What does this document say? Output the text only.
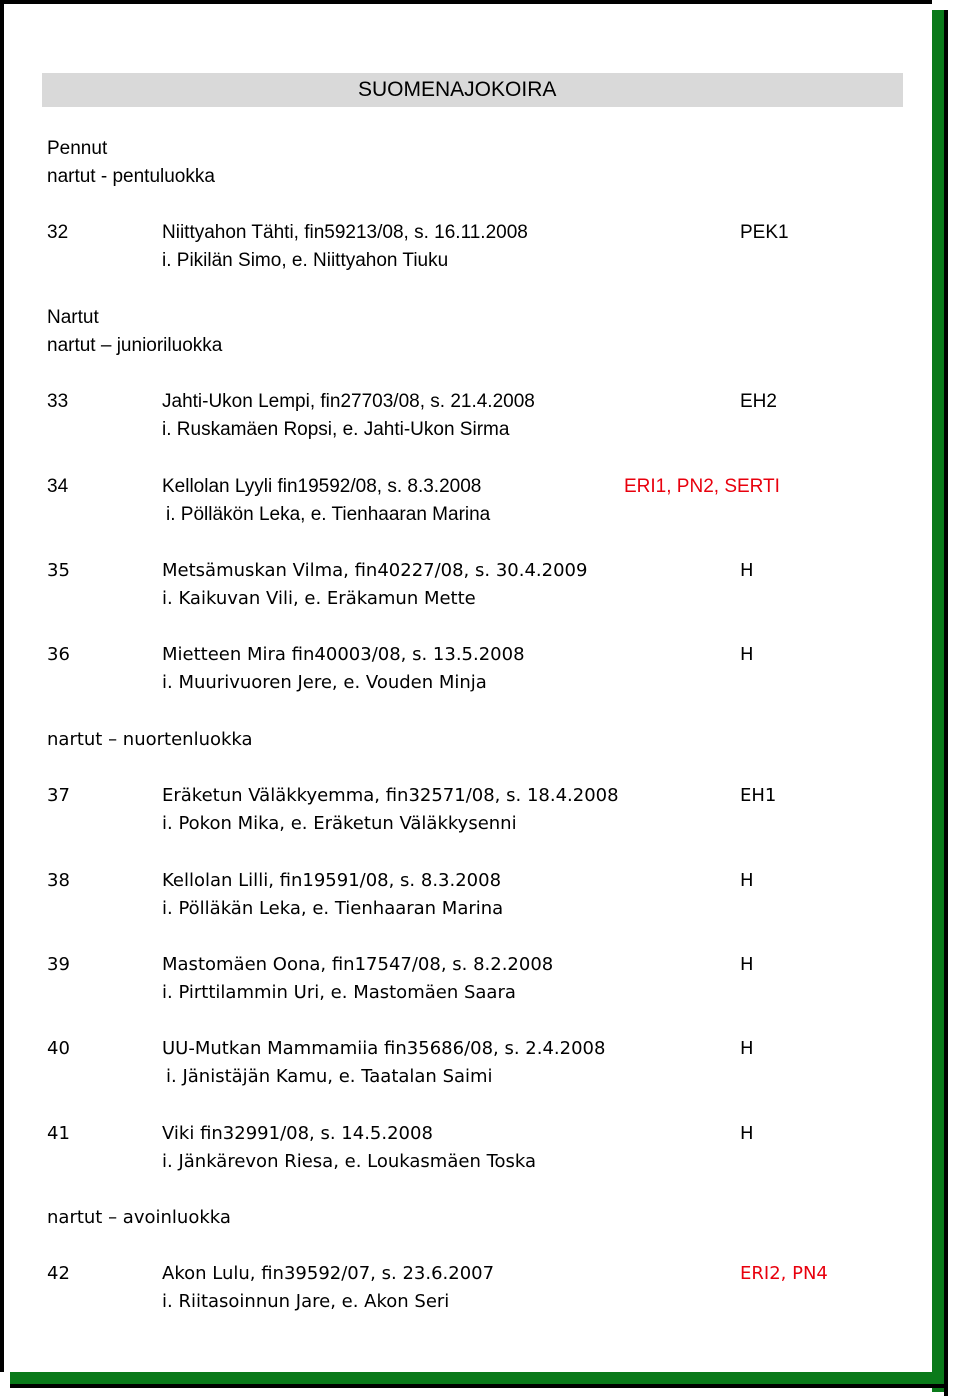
SUOMENAJOKOIRA
Pennut
nartut - pentuluokka
32	Niittyahon Tähti, fin59213/08, s. 16.11.2008	PEK1
i. Pikilän Simo, e. Niittyahon Tiuku
Nartut
nartut – junioriluokka
33	Jahti-Ukon Lempi, fin27703/08, s. 21.4.2008	EH2
i. Ruskamäen Ropsi, e. Jahti-Ukon Sirma
34	Kellolan Lyyli fin19592/08, s. 8.3.2008	ERI1, PN2, SERTI
i. Pölläkön Leka, e. Tienhaaran Marina
35	Metsämuskan Vilma, fin40227/08, s. 30.4.2009	H
i. Kaikuvan Vili, e. Eräkamun Mette
36	Mietteen Mira fin40003/08, s. 13.5.2008	H
i. Muurivuoren Jere, e. Vouden Minja
nartut – nuortenluokka
37	Eräketun Väläkkyemma, fin32571/08, s. 18.4.2008	EH1
i. Pokon Mika, e. Eräketun Väläkkysenni
38	Kellolan Lilli, fin19591/08, s. 8.3.2008	H
i. Pölläkän Leka, e. Tienhaaran Marina
39	Mastomäen Oona, fin17547/08, s. 8.2.2008	H
i. Pirttilammin Uri, e. Mastomäen Saara
40	UU-Mutkan Mammamiia fin35686/08, s. 2.4.2008	H
i. Jänistäjän Kamu, e. Taatalan Saimi
41	Viki fin32991/08, s. 14.5.2008	H
i. Jänkärevon Riesa, e. Loukasmäen Toska
nartut – avoinluokka
42	Akon Lulu, fin39592/07, s. 23.6.2007	ERI2, PN4
i. Riitasoinnun Jare, e. Akon Seri
